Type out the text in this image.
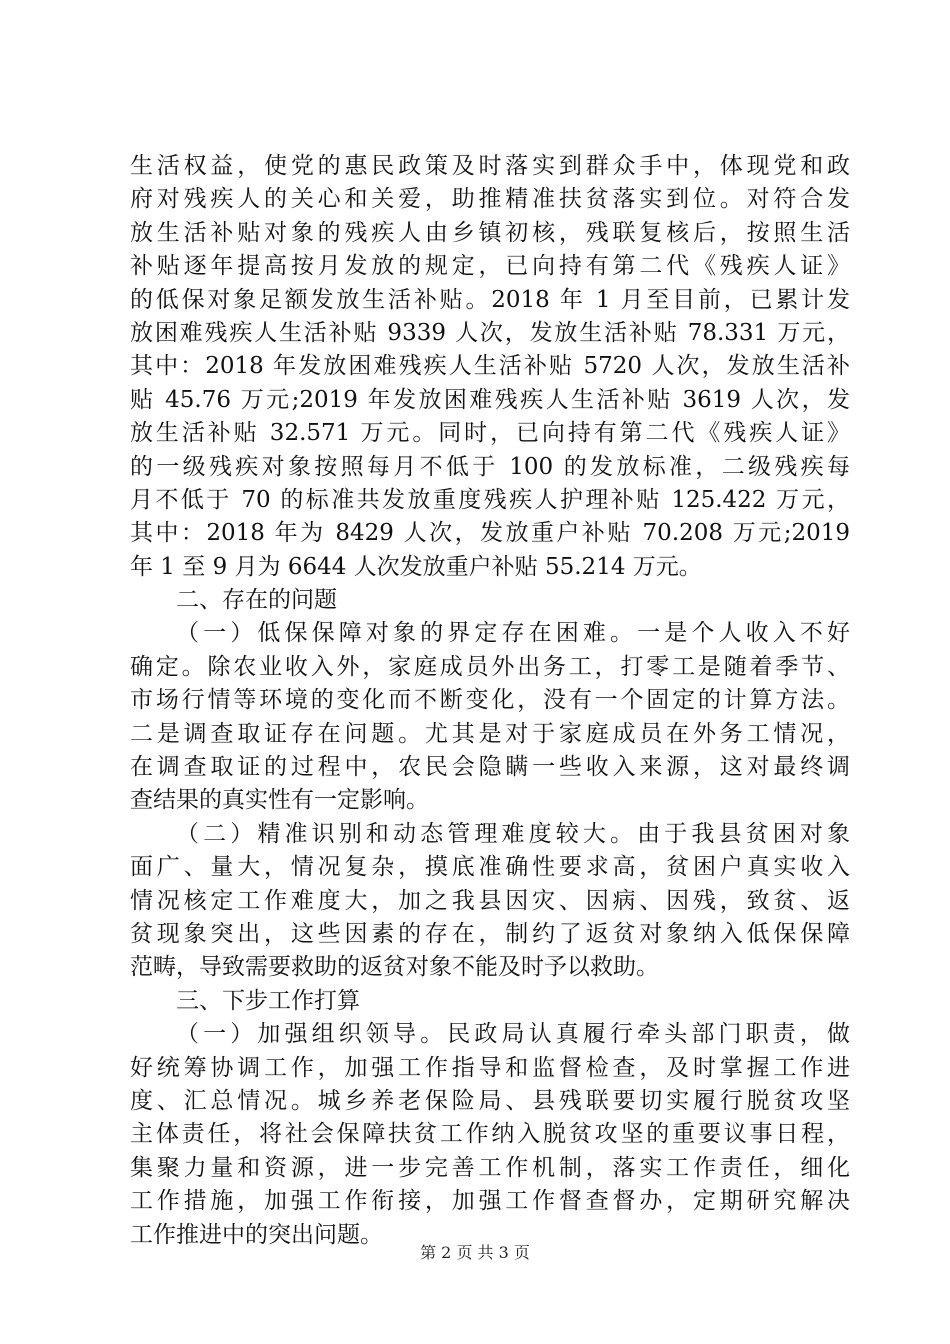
生活权益，使党的惠民政策及时落实到群众手中，体现党和政
府对残疾人的关心和关爱，助推精准扶贫落实到位。对符合发
放生活补贴对象的残疾人由乡镇初核，残联复核后，按照生活
补贴逐年提高按月发放的规定，已向持有第二代《残疾人证》
的低保对象足额发放生活补贴。2018 年 1 月至目前，已累计发
放困难残疾人生活补贴 9339 人次，发放生活补贴 78.331 万元，
其中：2018 年发放困难残疾人生活补贴 5720 人次，发放生活补
贴 45.76 万元;2019 年发放困难残疾人生活补贴 3619 人次，发
放生活补贴 32.571 万元。同时，已向持有第二代《残疾人证》
的一级残疾对象按照每月不低于 100 的发放标准，二级残疾每
月不低于 70 的标准共发放重度残疾人护理补贴 125.422 万元，
其中：2018 年为 8429 人次，发放重户补贴 70.208 万元;2019
年 1 至 9 月为 6644 人次发放重户补贴 55.214 万元。
二、存在的问题
（一）低保保障对象的界定存在困难。一是个人收入不好
确定。除农业收入外，家庭成员外出务工，打零工是随着季节、
市场行情等环境的变化而不断变化，没有一个固定的计算方法。
二是调查取证存在问题。尤其是对于家庭成员在外务工情况，
在调查取证的过程中，农民会隐瞒一些收入来源，这对最终调
查结果的真实性有一定影响。
（二）精准识别和动态管理难度较大。由于我县贫困对象
面广、量大，情况复杂，摸底准确性要求高，贫困户真实收入
情况核定工作难度大，加之我县因灾、因病、因残，致贫、返
贫现象突出，这些因素的存在，制约了返贫对象纳入低保保障
范畴，导致需要救助的返贫对象不能及时予以救助。
三、下步工作打算
（一）加强组织领导。民政局认真履行牵头部门职责，做
好统筹协调工作，加强工作指导和监督检查，及时掌握工作进
度、汇总情况。城乡养老保险局、县残联要切实履行脱贫攻坚
主体责任，将社会保障扶贫工作纳入脱贫攻坚的重要议事日程，
集聚力量和资源，进一步完善工作机制，落实工作责任，细化
工作措施，加强工作衔接，加强工作督查督办，定期研究解决
工作推进中的突出问题。
第 2 页 共 3 页
